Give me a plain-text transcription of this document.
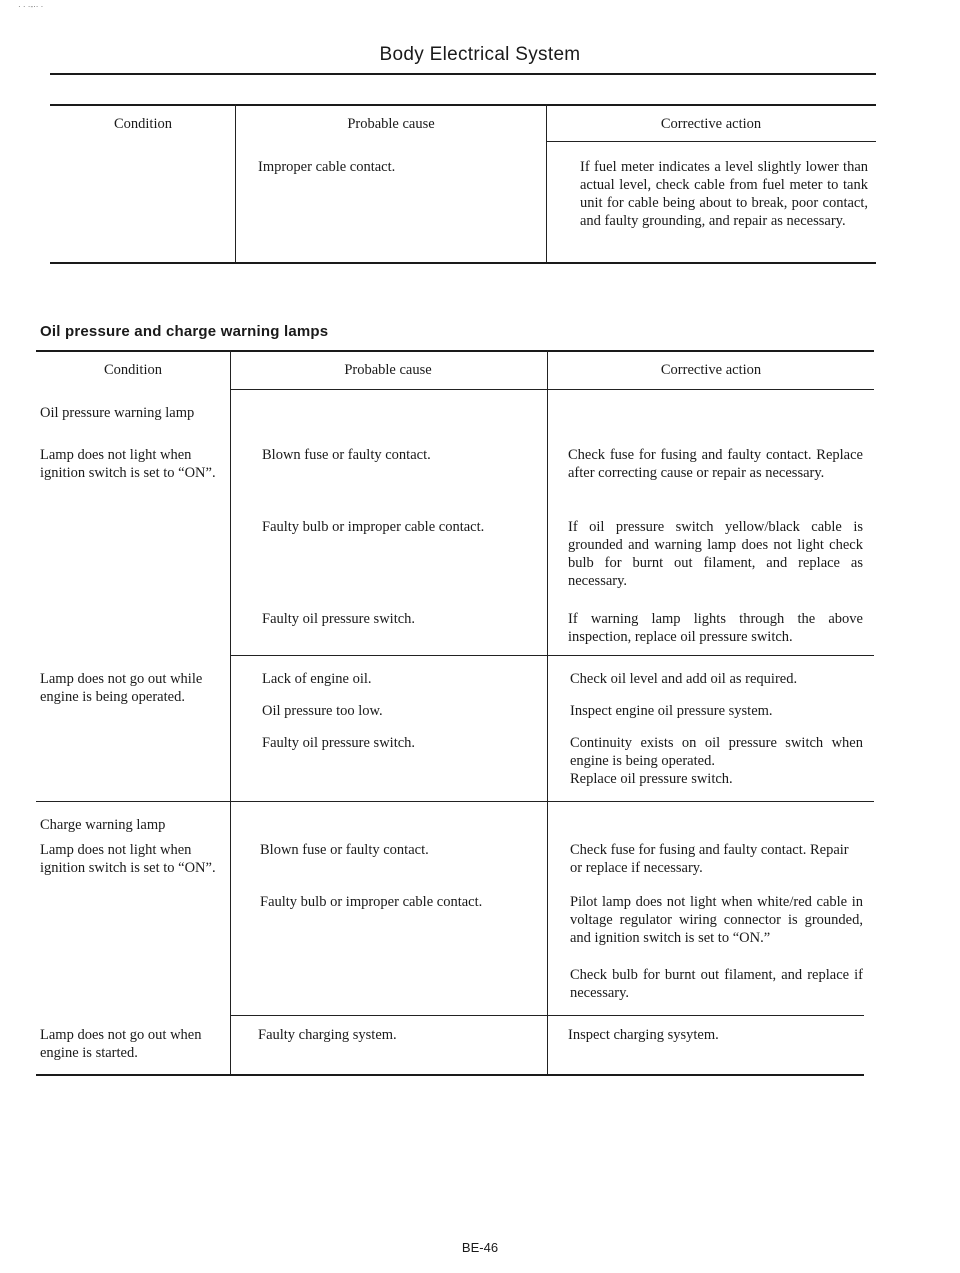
· · ·-·· ·
Body Electrical System
Condition	Probable cause	Corrective action
Improper cable contact.	If fuel meter indicates a level slightly lower than actual level, check cable from fuel meter to tank unit for cable being about to break, poor contact, and faulty grounding, and repair as necessary.
Oil pressure and charge warning lamps
Condition	Probable cause	Corrective action
Oil pressure warning lamp
Lamp does not light when ignition switch is set to “ON”.
Blown fuse or faulty contact.	Check fuse for fusing and faulty contact. Replace after correcting cause or repair as necessary.
Faulty bulb or improper cable contact.	If oil pressure switch yellow/black cable is grounded and warning lamp does not light check bulb for burnt out filament, and replace as necessary.
Faulty oil pressure switch.	If warning lamp lights through the above inspection, replace oil pressure switch.
Lamp does not go out while engine is being operated.
Lack of engine oil.	Check oil level and add oil as required.
Oil pressure too low.	Inspect engine oil pressure system.
Faulty oil pressure switch.	Continuity exists on oil pressure switch when engine is being operated.
Replace oil pressure switch.
Charge warning lamp
Lamp does not light when ignition switch is set to “ON”.
Blown fuse or faulty contact.	Check fuse for fusing and faulty contact. Repair or replace if necessary.
Faulty bulb or improper cable contact.	Pilot lamp does not light when white/red cable in voltage regulator wiring connector is grounded, and ignition switch is set to “ON.”
Check bulb for burnt out filament, and replace if necessary.
Lamp does not go out when engine is started.
Faulty charging system.	Inspect charging sysytem.
BE-46
